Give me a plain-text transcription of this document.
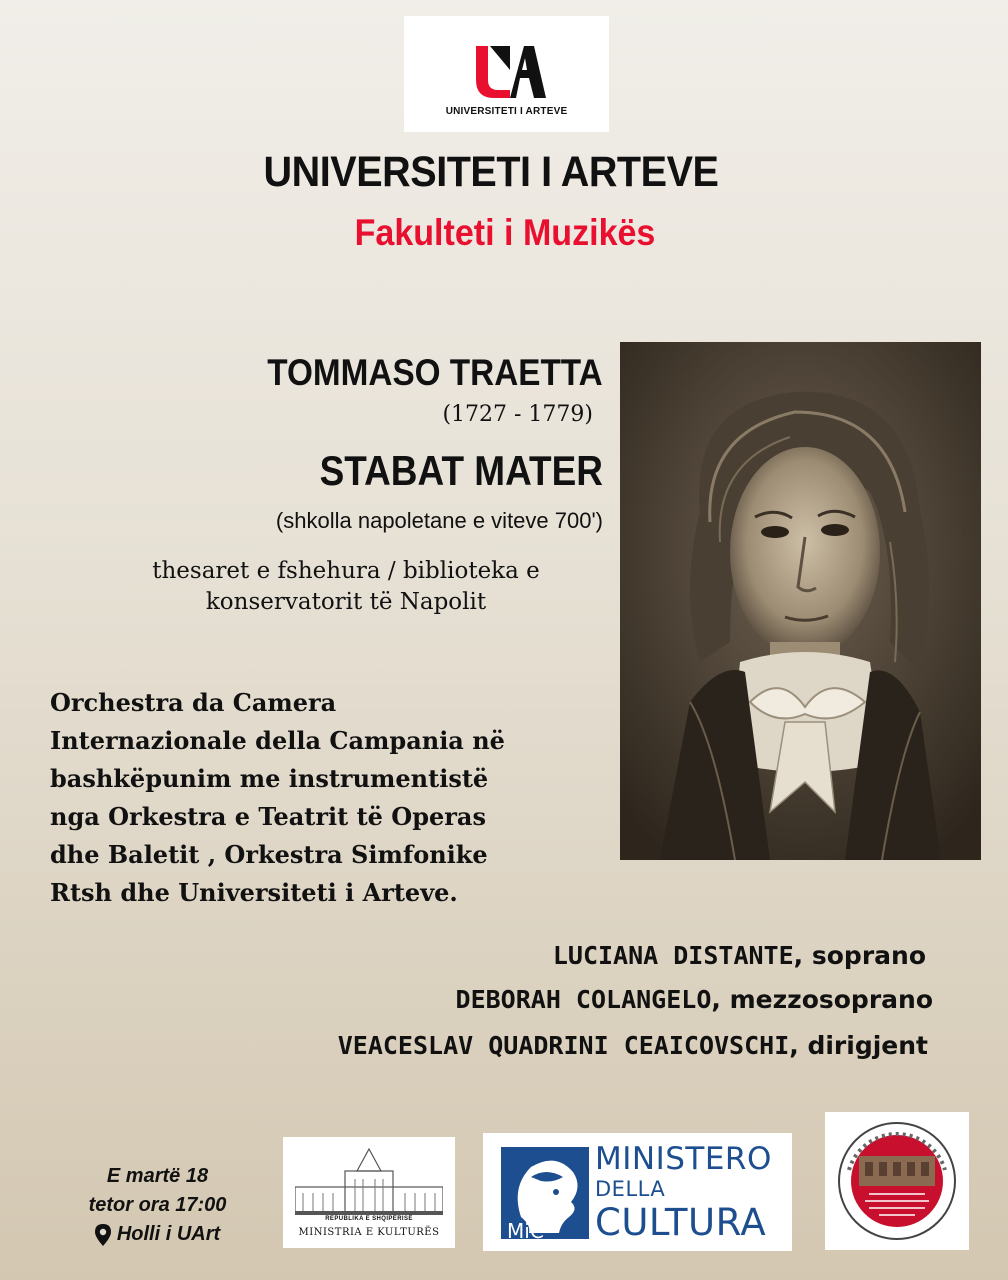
UNIVERSITETI I ARTEVE
UNIVERSITETI I ARTEVE
Fakulteti i Muzikës
TOMMASO TRAETTA
(1727 - 1779)
STABAT MATER
(shkolla napoletane e viteve 700')
thesaret e fshehura / biblioteka e
konservatorit të Napolit
Orchestra da Camera
Internazionale della Campania në
bashkëpunim me instrumentistë
nga Orkestra e Teatrit të Operas
dhe Baletit , Orkestra Simfonike
Rtsh dhe Universiteti i Arteve.
LUCIANA DISTANTE, soprano
DEBORAH COLANGELO, mezzosoprano
VEACESLAV QUADRINI CEAICOVSCHI, dirigjent
E martë 18
tetor ora 17:00
Holli i UArt
REPUBLIKA E SHQIPËRISË
MINISTRIA E KULTURËS	MiC
MINISTERO
DELLA
CULTURA
